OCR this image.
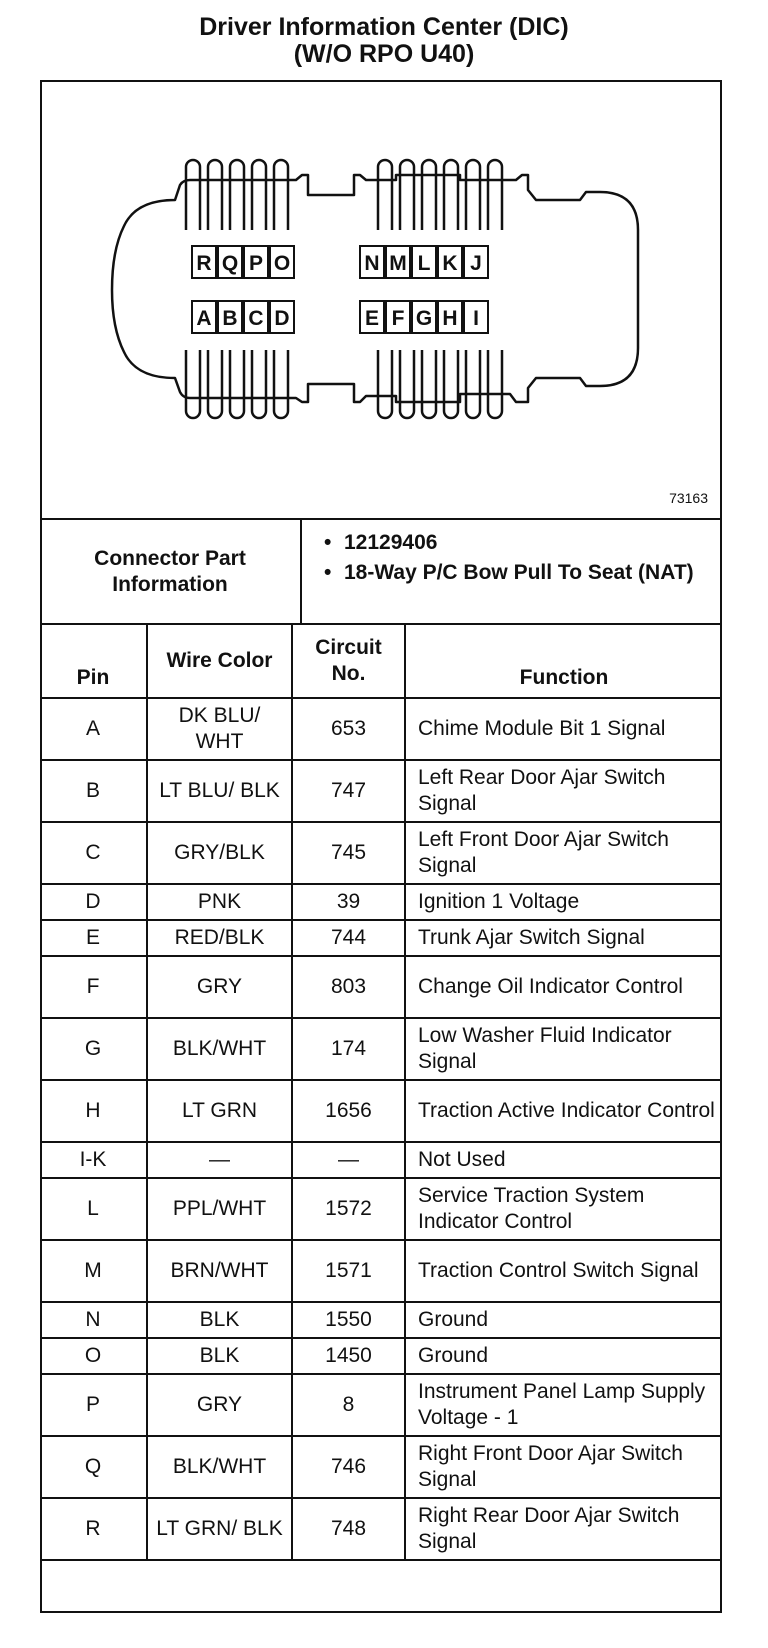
Driver Information Center (DIC)
(W/O RPO U40)
R Q P O	N M L K J
A B C D	E F G H I
73163
Connector Part Information
• 12129406
• 18-Way P/C Bow Pull To Seat (NAT)
Pin	Wire Color	Circuit No.	Function
A	DK BLU/ WHT	653	Chime Module Bit 1 Signal
B	LT BLU/ BLK	747	Left Rear Door Ajar Switch Signal
C	GRY/BLK	745	Left Front Door Ajar Switch Signal
D	PNK	39	Ignition 1 Voltage
E	RED/BLK	744	Trunk Ajar Switch Signal
F	GRY	803	Change Oil Indicator Control
G	BLK/WHT	174	Low Washer Fluid Indicator Signal
H	LT GRN	1656	Traction Active Indicator Control
I-K	—	—	Not Used
L	PPL/WHT	1572	Service Traction System Indicator Control
M	BRN/WHT	1571	Traction Control Switch Signal
N	BLK	1550	Ground
O	BLK	1450	Ground
P	GRY	8	Instrument Panel Lamp Supply Voltage - 1
Q	BLK/WHT	746	Right Front Door Ajar Switch Signal
R	LT GRN/ BLK	748	Right Rear Door Ajar Switch Signal
